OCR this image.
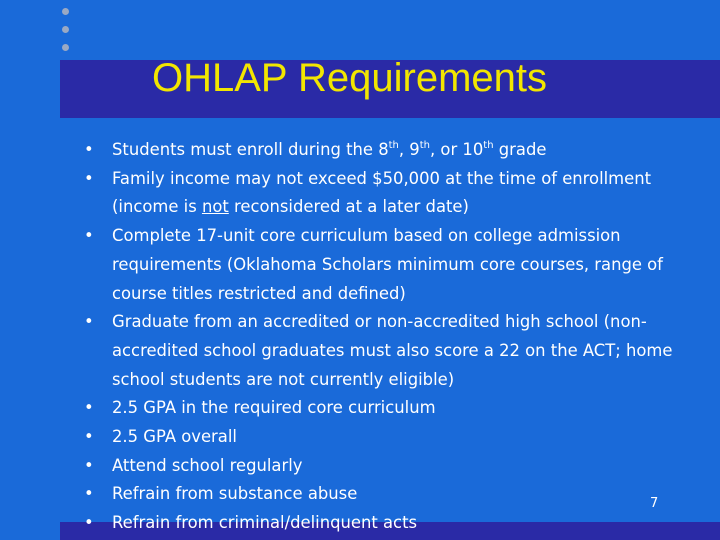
OHLAP Requirements
• Students must enroll during the 8th, 9th, or 10th grade
• Family income may not exceed $50,000 at the time of enrollment (income is not reconsidered at a later date)
• Complete 17-unit core curriculum based on college admission requirements (Oklahoma Scholars minimum core courses, range of course titles restricted and defined)
• Graduate from an accredited or non-accredited high school (non-accredited school graduates must also score a 22 on the ACT; home school students are not currently eligible)
• 2.5 GPA in the required core curriculum
• 2.5 GPA overall
• Attend school regularly
• Refrain from substance abuse
• Refrain from criminal/delinquent acts
7
